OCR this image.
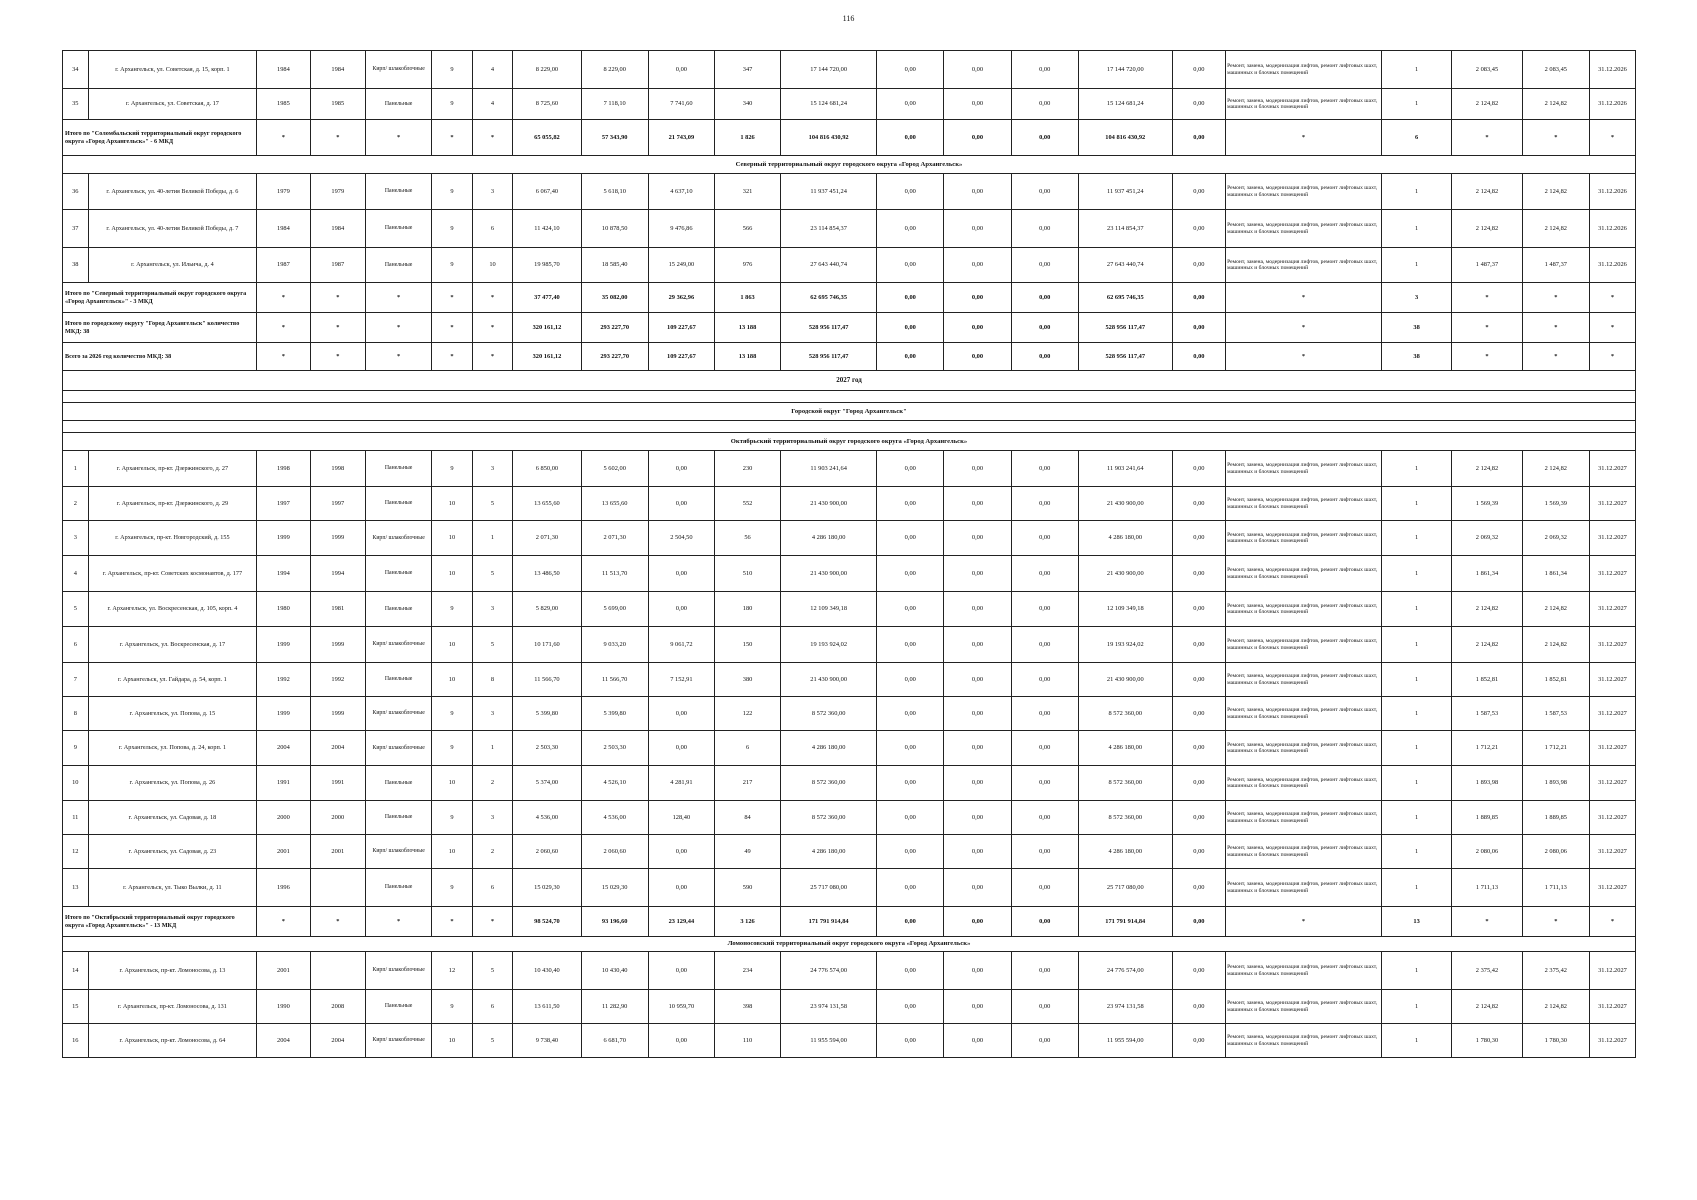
116
34	г. Архангельск, ул. Советская, д. 15, корп. 1	1984	1984	Кирп/ шлакоблочные	9	4	8 229,00	8 229,00	0,00	347	17 144 720,00	0,00	0,00	0,00	17 144 720,00	0,00	Ремонт, замена, модернизация лифтов, ремонт лифтовых шахт, машинных и блочных помещений	1	2 083,45	2 083,45	31.12.2026
35	г. Архангельск, ул. Советская, д. 17	1985	1985	Панельные	9	4	8 725,60	7 118,10	7 741,60	340	15 124 681,24	0,00	0,00	0,00	15 124 681,24	0,00	Ремонт, замена, модернизация лифтов, ремонт лифтовых шахт, машинных и блочных помещений	1	2 124,82	2 124,82	31.12.2026
Итого по "Соломбальский территориальный округ городского округа «Город Архангельск»" - 6 МКД		*	*	*	*	*	65 055,82	57 343,90	21 743,09	1 826	104 816 430,92	0,00	0,00	0,00	104 816 430,92	0,00	*	6	*	*	*
Северный территориальный округ городского округа «Город Архангельск»																					
36	г. Архангельск, ул. 40-летия Великой Победы, д. 6	1979	1979	Панельные	9	3	6 067,40	5 618,10	4 637,10	321	11 937 451,24	0,00	0,00	0,00	11 937 451,24	0,00	Ремонт, замена, модернизация лифтов, ремонт лифтовых шахт, машинных и блочных помещений	1	2 124,82	2 124,82	31.12.2026
37	г. Архангельск, ул. 40-летия Великой Победы, д. 7	1984	1984	Панельные	9	6	11 424,10	10 878,50	9 476,86	566	23 114 854,37	0,00	0,00	0,00	23 114 854,37	0,00	Ремонт, замена, модернизация лифтов, ремонт лифтовых шахт, машинных и блочных помещений	1	2 124,82	2 124,82	31.12.2026
38	г. Архангельск, ул. Ильича, д. 4	1987	1987	Панельные	9	10	19 985,70	18 585,40	15 249,00	976	27 643 440,74	0,00	0,00	0,00	27 643 440,74	0,00	Ремонт, замена, модернизация лифтов, ремонт лифтовых шахт, машинных и блочных помещений	1	1 487,37	1 487,37	31.12.2026
Итого по "Северный территориальный округ городского округа «Город Архангельск»" - 3 МКД		*	*	*	*	*	37 477,40	35 082,00	29 362,96	1 863	62 695 746,35	0,00	0,00	0,00	62 695 746,35	0,00	*	3	*	*	*
Итого по городскому округу "Город Архангельск" количество МКД: 38		*	*	*	*	*	320 161,12	293 227,70	109 227,67	13 188	528 956 117,47	0,00	0,00	0,00	528 956 117,47	0,00	*	38	*	*	*
Всего за 2026 год количество МКД: 38		*	*	*	*	*	320 161,12	293 227,70	109 227,67	13 188	528 956 117,47	0,00	0,00	0,00	528 956 117,47	0,00	*	38	*	*	*
2027 год																					

Городской округ "Город Архангельск"																					

Октябрьский территориальный округ городского округа «Город Архангельск»																					
1	г. Архангельск, пр-кт. Дзержинского, д. 27	1998	1998	Панельные	9	3	6 850,00	5 602,00	0,00	230	11 903 241,64	0,00	0,00	0,00	11 903 241,64	0,00	Ремонт, замена, модернизация лифтов, ремонт лифтовых шахт, машинных и блочных помещений	1	2 124,82	2 124,82	31.12.2027
2	г. Архангельск, пр-кт. Дзержинского, д. 29	1997	1997	Панельные	10	5	13 655,60	13 655,60	0,00	552	21 430 900,00	0,00	0,00	0,00	21 430 900,00	0,00	Ремонт, замена, модернизация лифтов, ремонт лифтовых шахт, машинных и блочных помещений	1	1 569,39	1 569,39	31.12.2027
3	г. Архангельск, пр-кт. Новгородский, д. 155	1999	1999	Кирп/ шлакоблочные	10	1	2 071,30	2 071,30	2 504,50	56	4 286 180,00	0,00	0,00	0,00	4 286 180,00	0,00	Ремонт, замена, модернизация лифтов, ремонт лифтовых шахт, машинных и блочных помещений	1	2 069,32	2 069,32	31.12.2027
4	г. Архангельск, пр-кт. Советских космонавтов, д. 177	1994	1994	Панельные	10	5	13 486,50	11 513,70	0,00	510	21 430 900,00	0,00	0,00	0,00	21 430 900,00	0,00	Ремонт, замена, модернизация лифтов, ремонт лифтовых шахт, машинных и блочных помещений	1	1 861,34	1 861,34	31.12.2027
5	г. Архангельск, ул. Воскресенская, д. 105, корп. 4	1980	1981	Панельные	9	3	5 829,00	5 699,00	0,00	180	12 109 349,18	0,00	0,00	0,00	12 109 349,18	0,00	Ремонт, замена, модернизация лифтов, ремонт лифтовых шахт, машинных и блочных помещений	1	2 124,82	2 124,82	31.12.2027
6	г. Архангельск, ул. Воскресенская, д. 17	1999	1999	Кирп/ шлакоблочные	10	5	10 171,60	9 033,20	9 061,72	150	19 193 924,02	0,00	0,00	0,00	19 193 924,02	0,00	Ремонт, замена, модернизация лифтов, ремонт лифтовых шахт, машинных и блочных помещений	1	2 124,82	2 124,82	31.12.2027
7	г. Архангельск, ул. Гайдара, д. 54, корп. 1	1992	1992	Панельные	10	8	11 566,70	11 566,70	7 152,91	380	21 430 900,00	0,00	0,00	0,00	21 430 900,00	0,00	Ремонт, замена, модернизация лифтов, ремонт лифтовых шахт, машинных и блочных помещений	1	1 852,81	1 852,81	31.12.2027
8	г. Архангельск, ул. Попова, д. 15	1999	1999	Кирп/ шлакоблочные	9	3	5 399,80	5 399,80	0,00	122	8 572 360,00	0,00	0,00	0,00	8 572 360,00	0,00	Ремонт, замена, модернизация лифтов, ремонт лифтовых шахт, машинных и блочных помещений	1	1 587,53	1 587,53	31.12.2027
9	г. Архангельск, ул. Попова, д. 24, корп. 1	2004	2004	Кирп/ шлакоблочные	9	1	2 503,30	2 503,30	0,00	6	4 286 180,00	0,00	0,00	0,00	4 286 180,00	0,00	Ремонт, замена, модернизация лифтов, ремонт лифтовых шахт, машинных и блочных помещений	1	1 712,21	1 712,21	31.12.2027
10	г. Архангельск, ул. Попова, д. 26	1991	1991	Панельные	10	2	5 374,00	4 526,10	4 281,91	217	8 572 360,00	0,00	0,00	0,00	8 572 360,00	0,00	Ремонт, замена, модернизация лифтов, ремонт лифтовых шахт, машинных и блочных помещений	1	1 893,98	1 893,98	31.12.2027
11	г. Архангельск, ул. Садовая, д. 18	2000	2000	Панельные	9	3	4 536,00	4 536,00	128,40	84	8 572 360,00	0,00	0,00	0,00	8 572 360,00	0,00	Ремонт, замена, модернизация лифтов, ремонт лифтовых шахт, машинных и блочных помещений	1	1 889,85	1 889,85	31.12.2027
12	г. Архангельск, ул. Садовая, д. 23	2001	2001	Кирп/ шлакоблочные	10	2	2 060,60	2 060,60	0,00	49	4 286 180,00	0,00	0,00	0,00	4 286 180,00	0,00	Ремонт, замена, модернизация лифтов, ремонт лифтовых шахт, машинных и блочных помещений	1	2 080,06	2 080,06	31.12.2027
13	г. Архангельск, ул. Тыко Вылки, д. 11	1996		Панельные	9	6	15 029,30	15 029,30	0,00	590	25 717 080,00	0,00	0,00	0,00	25 717 080,00	0,00	Ремонт, замена, модернизация лифтов, ремонт лифтовых шахт, машинных и блочных помещений	1	1 711,13	1 711,13	31.12.2027
Итого по "Октябрьский территориальный округ городского округа «Город Архангельск»" - 13 МКД		*	*	*	*	*	98 524,70	93 196,60	23 129,44	3 126	171 791 914,84	0,00	0,00	0,00	171 791 914,84	0,00	*	13	*	*	*
Ломоносовский территориальный округ городского округа «Город Архангельск»																					
14	г. Архангельск, пр-кт. Ломоносова, д. 13	2001		Кирп/ шлакоблочные	12	5	10 430,40	10 430,40	0,00	234	24 776 574,00	0,00	0,00	0,00	24 776 574,00	0,00	Ремонт, замена, модернизация лифтов, ремонт лифтовых шахт, машинных и блочных помещений	1	2 375,42	2 375,42	31.12.2027
15	г. Архангельск, пр-кт. Ломоносова, д. 131	1990	2008	Панельные	9	6	13 611,50	11 282,90	10 959,70	398	23 974 131,58	0,00	0,00	0,00	23 974 131,58	0,00	Ремонт, замена, модернизация лифтов, ремонт лифтовых шахт, машинных и блочных помещений	1	2 124,82	2 124,82	31.12.2027
16	г. Архангельск, пр-кт. Ломоносова, д. 64	2004	2004	Кирп/ шлакоблочные	10	5	9 738,40	6 681,70	0,00	110	11 955 594,00	0,00	0,00	0,00	11 955 594,00	0,00	Ремонт, замена, модернизация лифтов, ремонт лифтовых шахт, машинных и блочных помещений	1	1 780,30	1 780,30	31.12.2027
